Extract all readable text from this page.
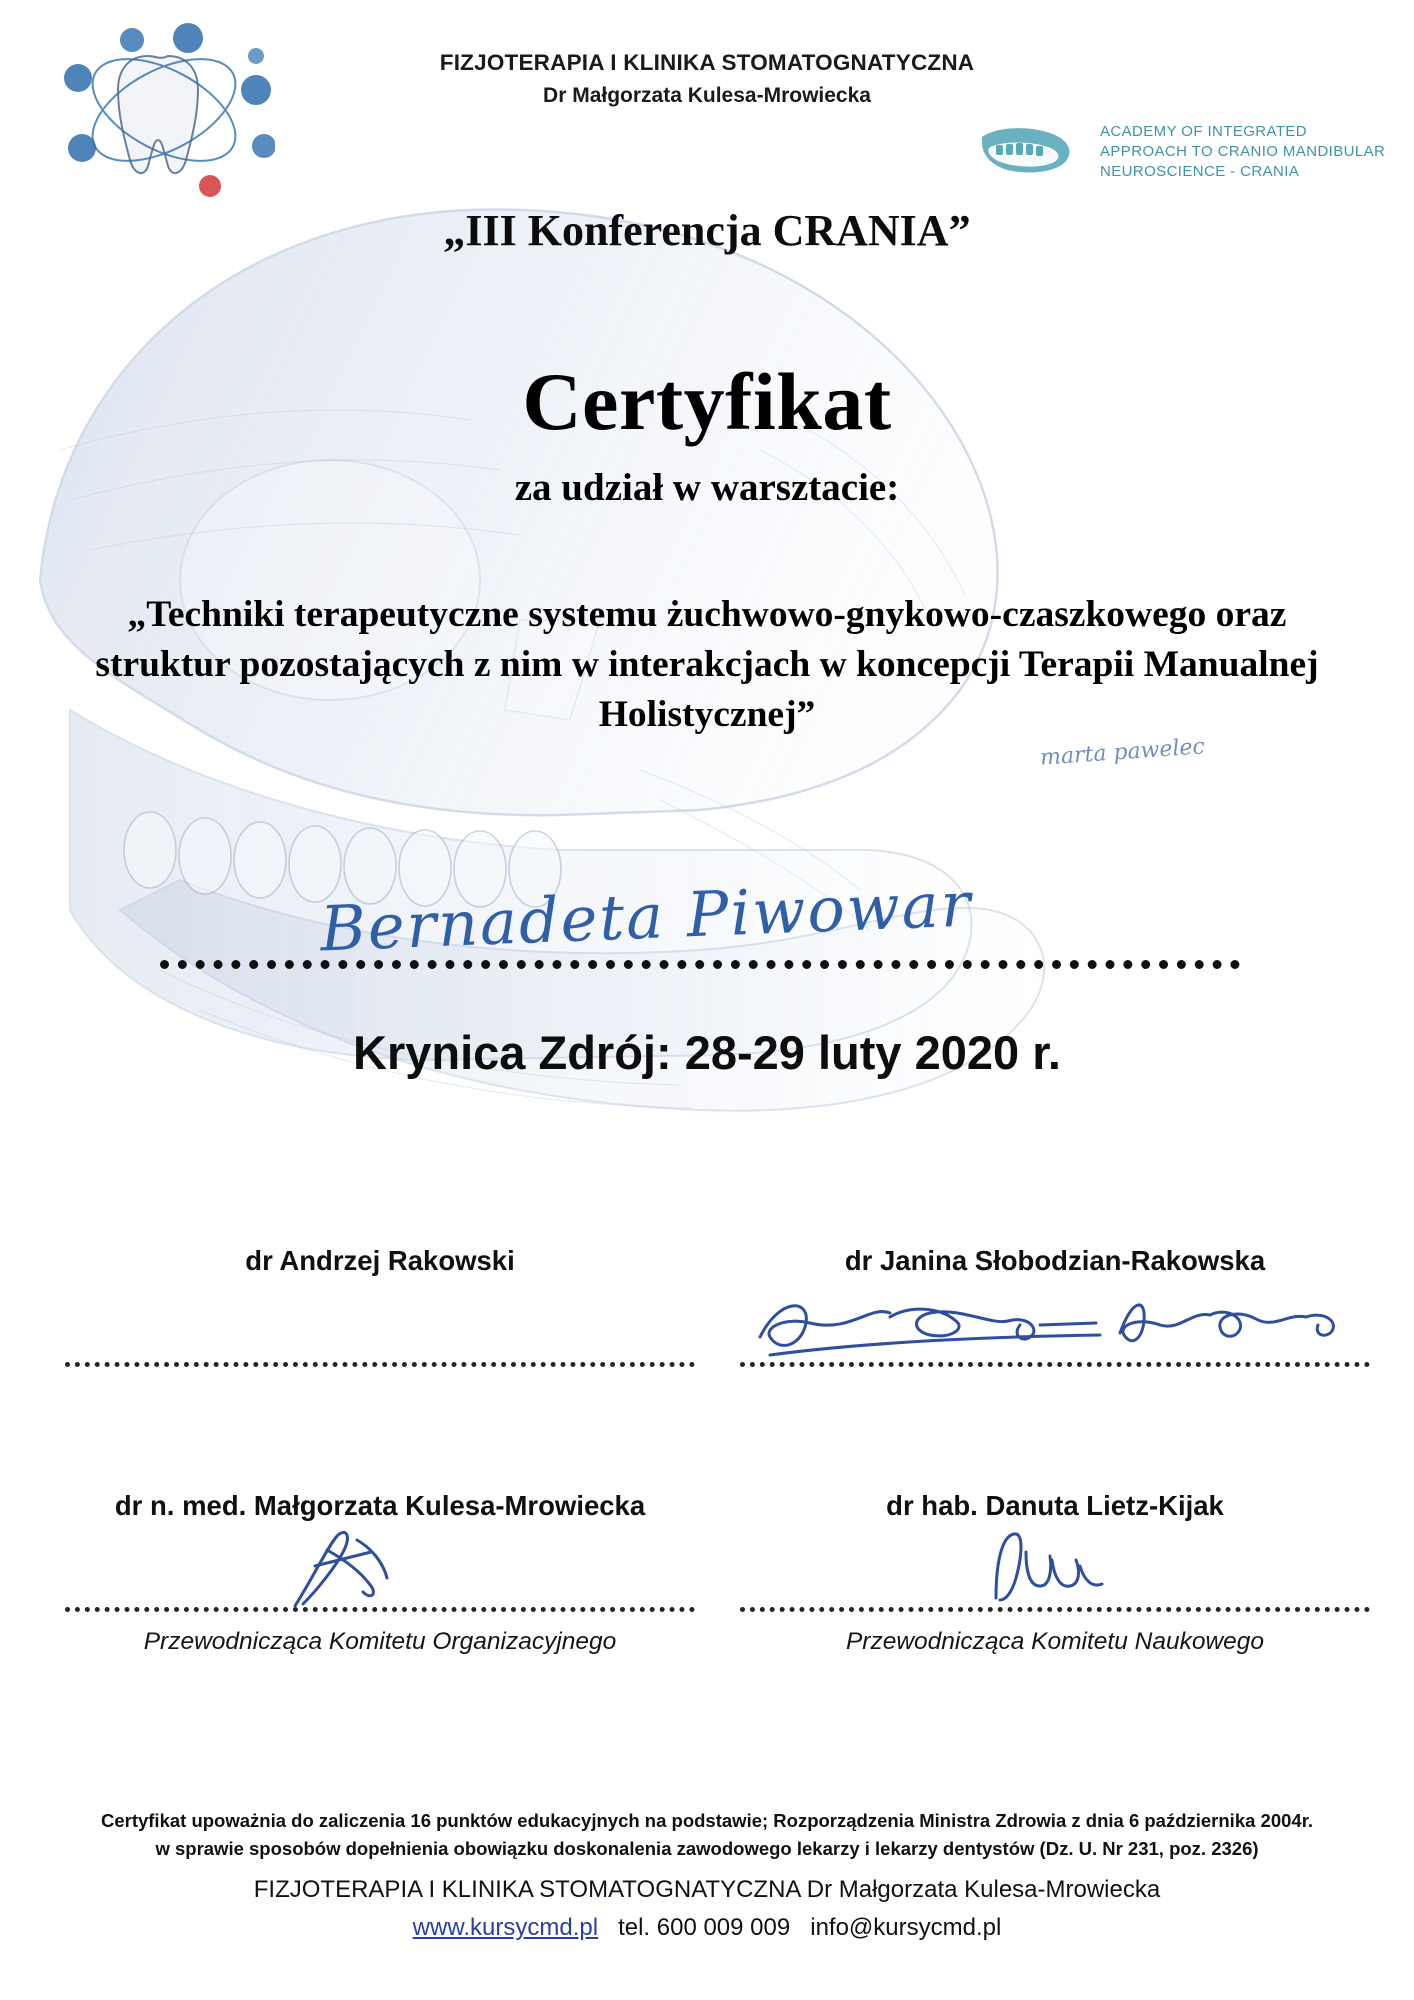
FIZJOTERAPIA I KLINIKA STOMATOGNATYCZNA
Dr Małgorzata Kulesa-Mrowiecka
ACADEMY OF INTEGRATED
APPROACH TO CRANIO MANDIBULAR
NEUROSCIENCE - CRANIA
„III Konferencja CRANIA”
Certyfikat
za udział w warsztacie:
„Techniki terapeutyczne systemu żuchwowo-gnykowo-czaszkowego oraz struktur pozostających z nim w interakcjach w koncepcji Terapii Manualnej Holistycznej”
marta pawelec
Bernadeta Piwowar
Krynica Zdrój: 28-29 luty 2020 r.
dr Andrzej Rakowski	dr Janina Słobodzian-Rakowska
dr n. med. Małgorzata Kulesa-Mrowiecka
Przewodnicząca Komitetu Organizacyjnego
dr hab. Danuta Lietz-Kijak
Przewodnicząca Komitetu Naukowego
Certyfikat upoważnia do zaliczenia 16 punktów edukacyjnych na podstawie; Rozporządzenia Ministra Zdrowia z dnia 6 października 2004r.
w sprawie sposobów dopełnienia obowiązku doskonalenia zawodowego lekarzy i lekarzy dentystów (Dz. U. Nr 231, poz. 2326)
FIZJOTERAPIA I KLINIKA STOMATOGNATYCZNA Dr Małgorzata Kulesa-Mrowiecka
www.kursycmd.pl tel. 600 009 009 info@kursycmd.pl
